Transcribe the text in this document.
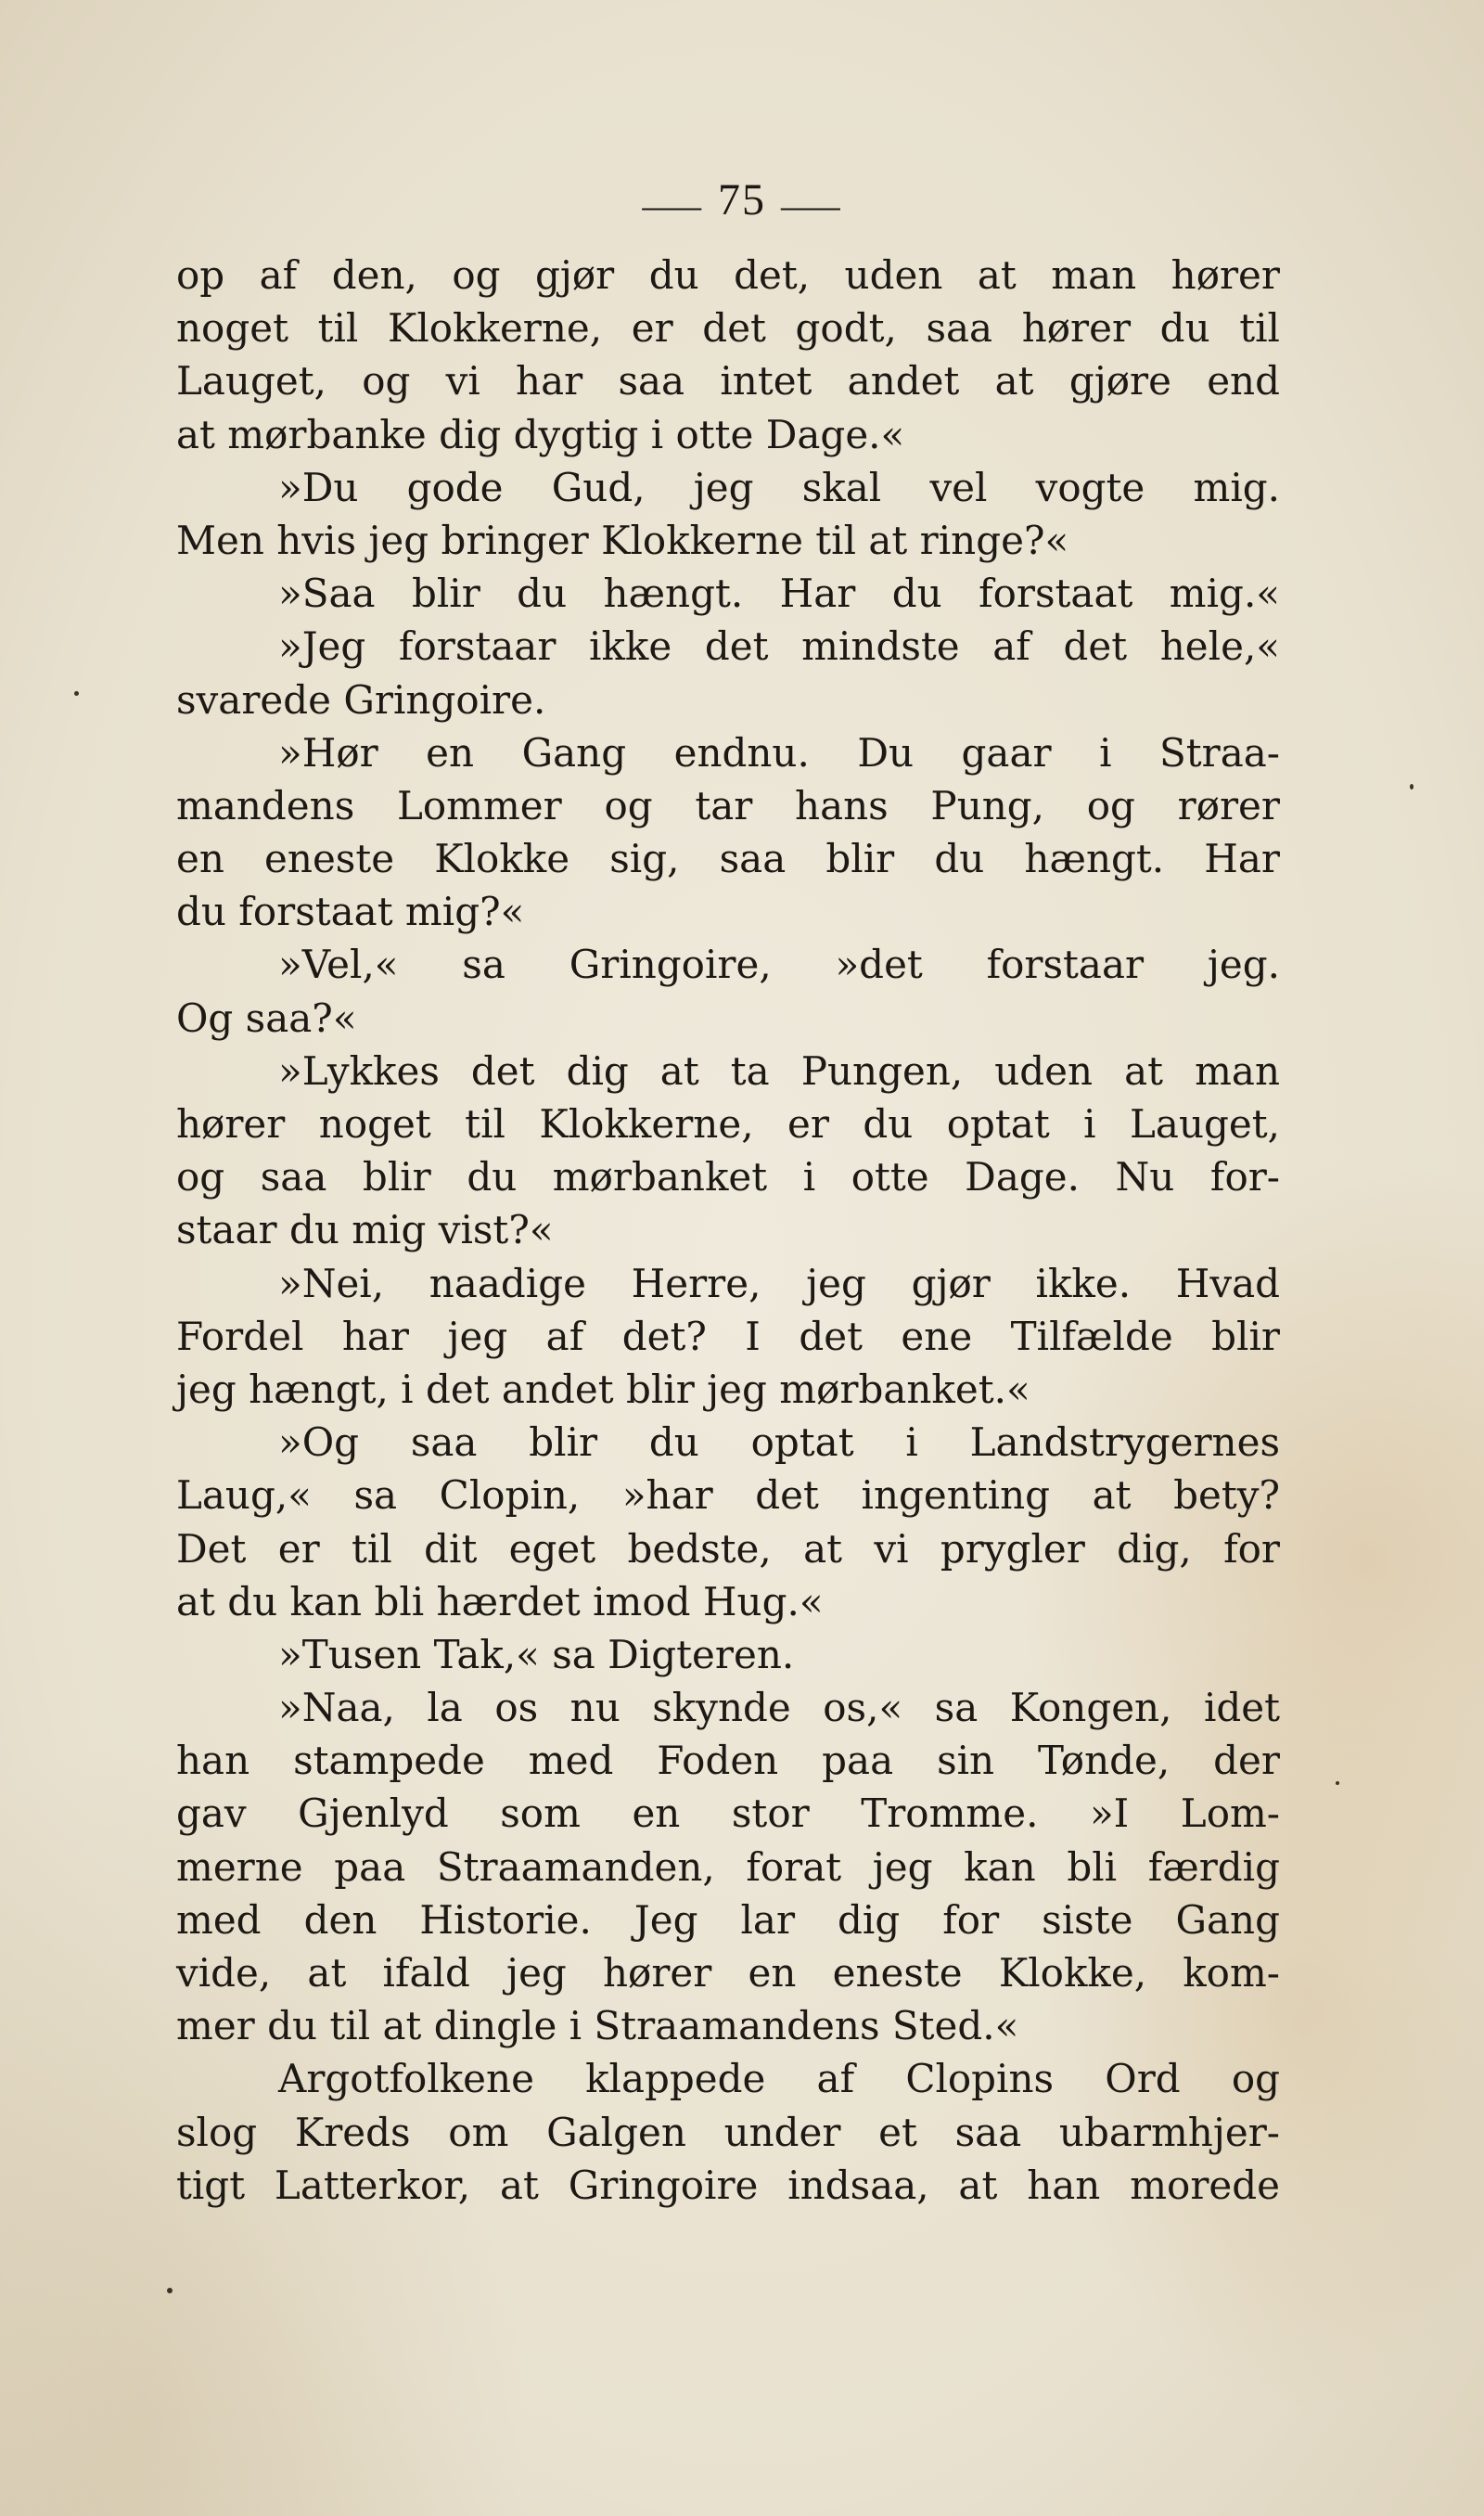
⸺ 75 ⸺
op af den, og gjør du det, uden at man hører
noget til Klokkerne, er det godt, saa hører du til
Lauget, og vi har saa intet andet at gjøre end
at mørbanke dig dygtig i otte Dage.«
»Du gode Gud, jeg skal vel vogte mig.
Men hvis jeg bringer Klokkerne til at ringe?«
»Saa blir du hængt. Har du forstaat mig.«
»Jeg forstaar ikke det mindste af det hele,«
svarede Gringoire.
»Hør en Gang endnu. Du gaar i Straa-
mandens Lommer og tar hans Pung, og rører
en eneste Klokke sig, saa blir du hængt. Har
du forstaat mig?«
»Vel,« sa Gringoire, »det forstaar jeg.
Og saa?«
»Lykkes det dig at ta Pungen, uden at man
hører noget til Klokkerne, er du optat i Lauget,
og saa blir du mørbanket i otte Dage. Nu for-
staar du mig vist?«
»Nei, naadige Herre, jeg gjør ikke. Hvad
Fordel har jeg af det? I det ene Tilfælde blir
jeg hængt, i det andet blir jeg mørbanket.«
»Og saa blir du optat i Landstrygernes
Laug,« sa Clopin, »har det ingenting at bety?
Det er til dit eget bedste, at vi prygler dig, for
at du kan bli hærdet imod Hug.«
»Tusen Tak,« sa Digteren.
»Naa, la os nu skynde os,« sa Kongen, idet
han stampede med Foden paa sin Tønde, der
gav Gjenlyd som en stor Tromme. »I Lom-
merne paa Straamanden, forat jeg kan bli færdig
med den Historie. Jeg lar dig for siste Gang
vide, at ifald jeg hører en eneste Klokke, kom-
mer du til at dingle i Straamandens Sted.«
Argotfolkene klappede af Clopins Ord og
slog Kreds om Galgen under et saa ubarmhjer-
tigt Latterkor, at Gringoire indsaa, at han morede
